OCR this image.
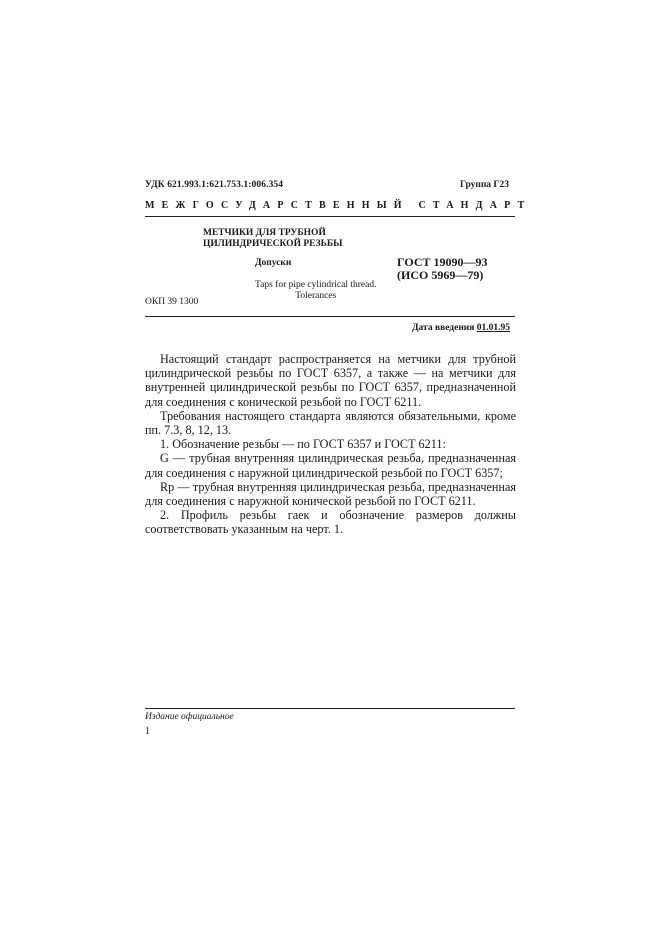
УДК 621.993.1:621.753.1:006.354	Группа Г23
МЕЖГОСУДАРСТВЕННЫЙ СТАНДАРТ
МЕТЧИКИ ДЛЯ ТРУБНОЙ
ЦИЛИНДРИЧЕСКОЙ РЕЗЬБЫ
Допуски	ГОСТ 19090—93
(ИСО 5969—79)
Taps for pipe cylindrical thread.
Tolerances
ОКП 39 1300
Дата введения 01.01.95

Настоящий стандарт распространяется на метчики для трубной цилиндрической резьбы по ГОСТ 6357, а также — на метчики для внутренней цилиндрической резьбы по ГОСТ 6357, предназначенной для соединения с конической резьбой по ГОСТ 6211.

Требования настоящего стандарта являются обязательными, кроме пп. 7.3, 8, 12, 13.

1. Обозначение резьбы — по ГОСТ 6357 и ГОСТ 6211:

G — трубная внутренняя цилиндрическая резьба, предназначенная для соединения с наружной цилиндрической резьбой по ГОСТ 6357;

Rp — трубная внутренняя цилиндрическая резьба, предназначенная для соединения с наружной конической резьбой по ГОСТ 6211.

2. Профиль резьбы гаек и обозначение размеров должны соответствовать указанным на черт. 1.

Издание официальное
1
